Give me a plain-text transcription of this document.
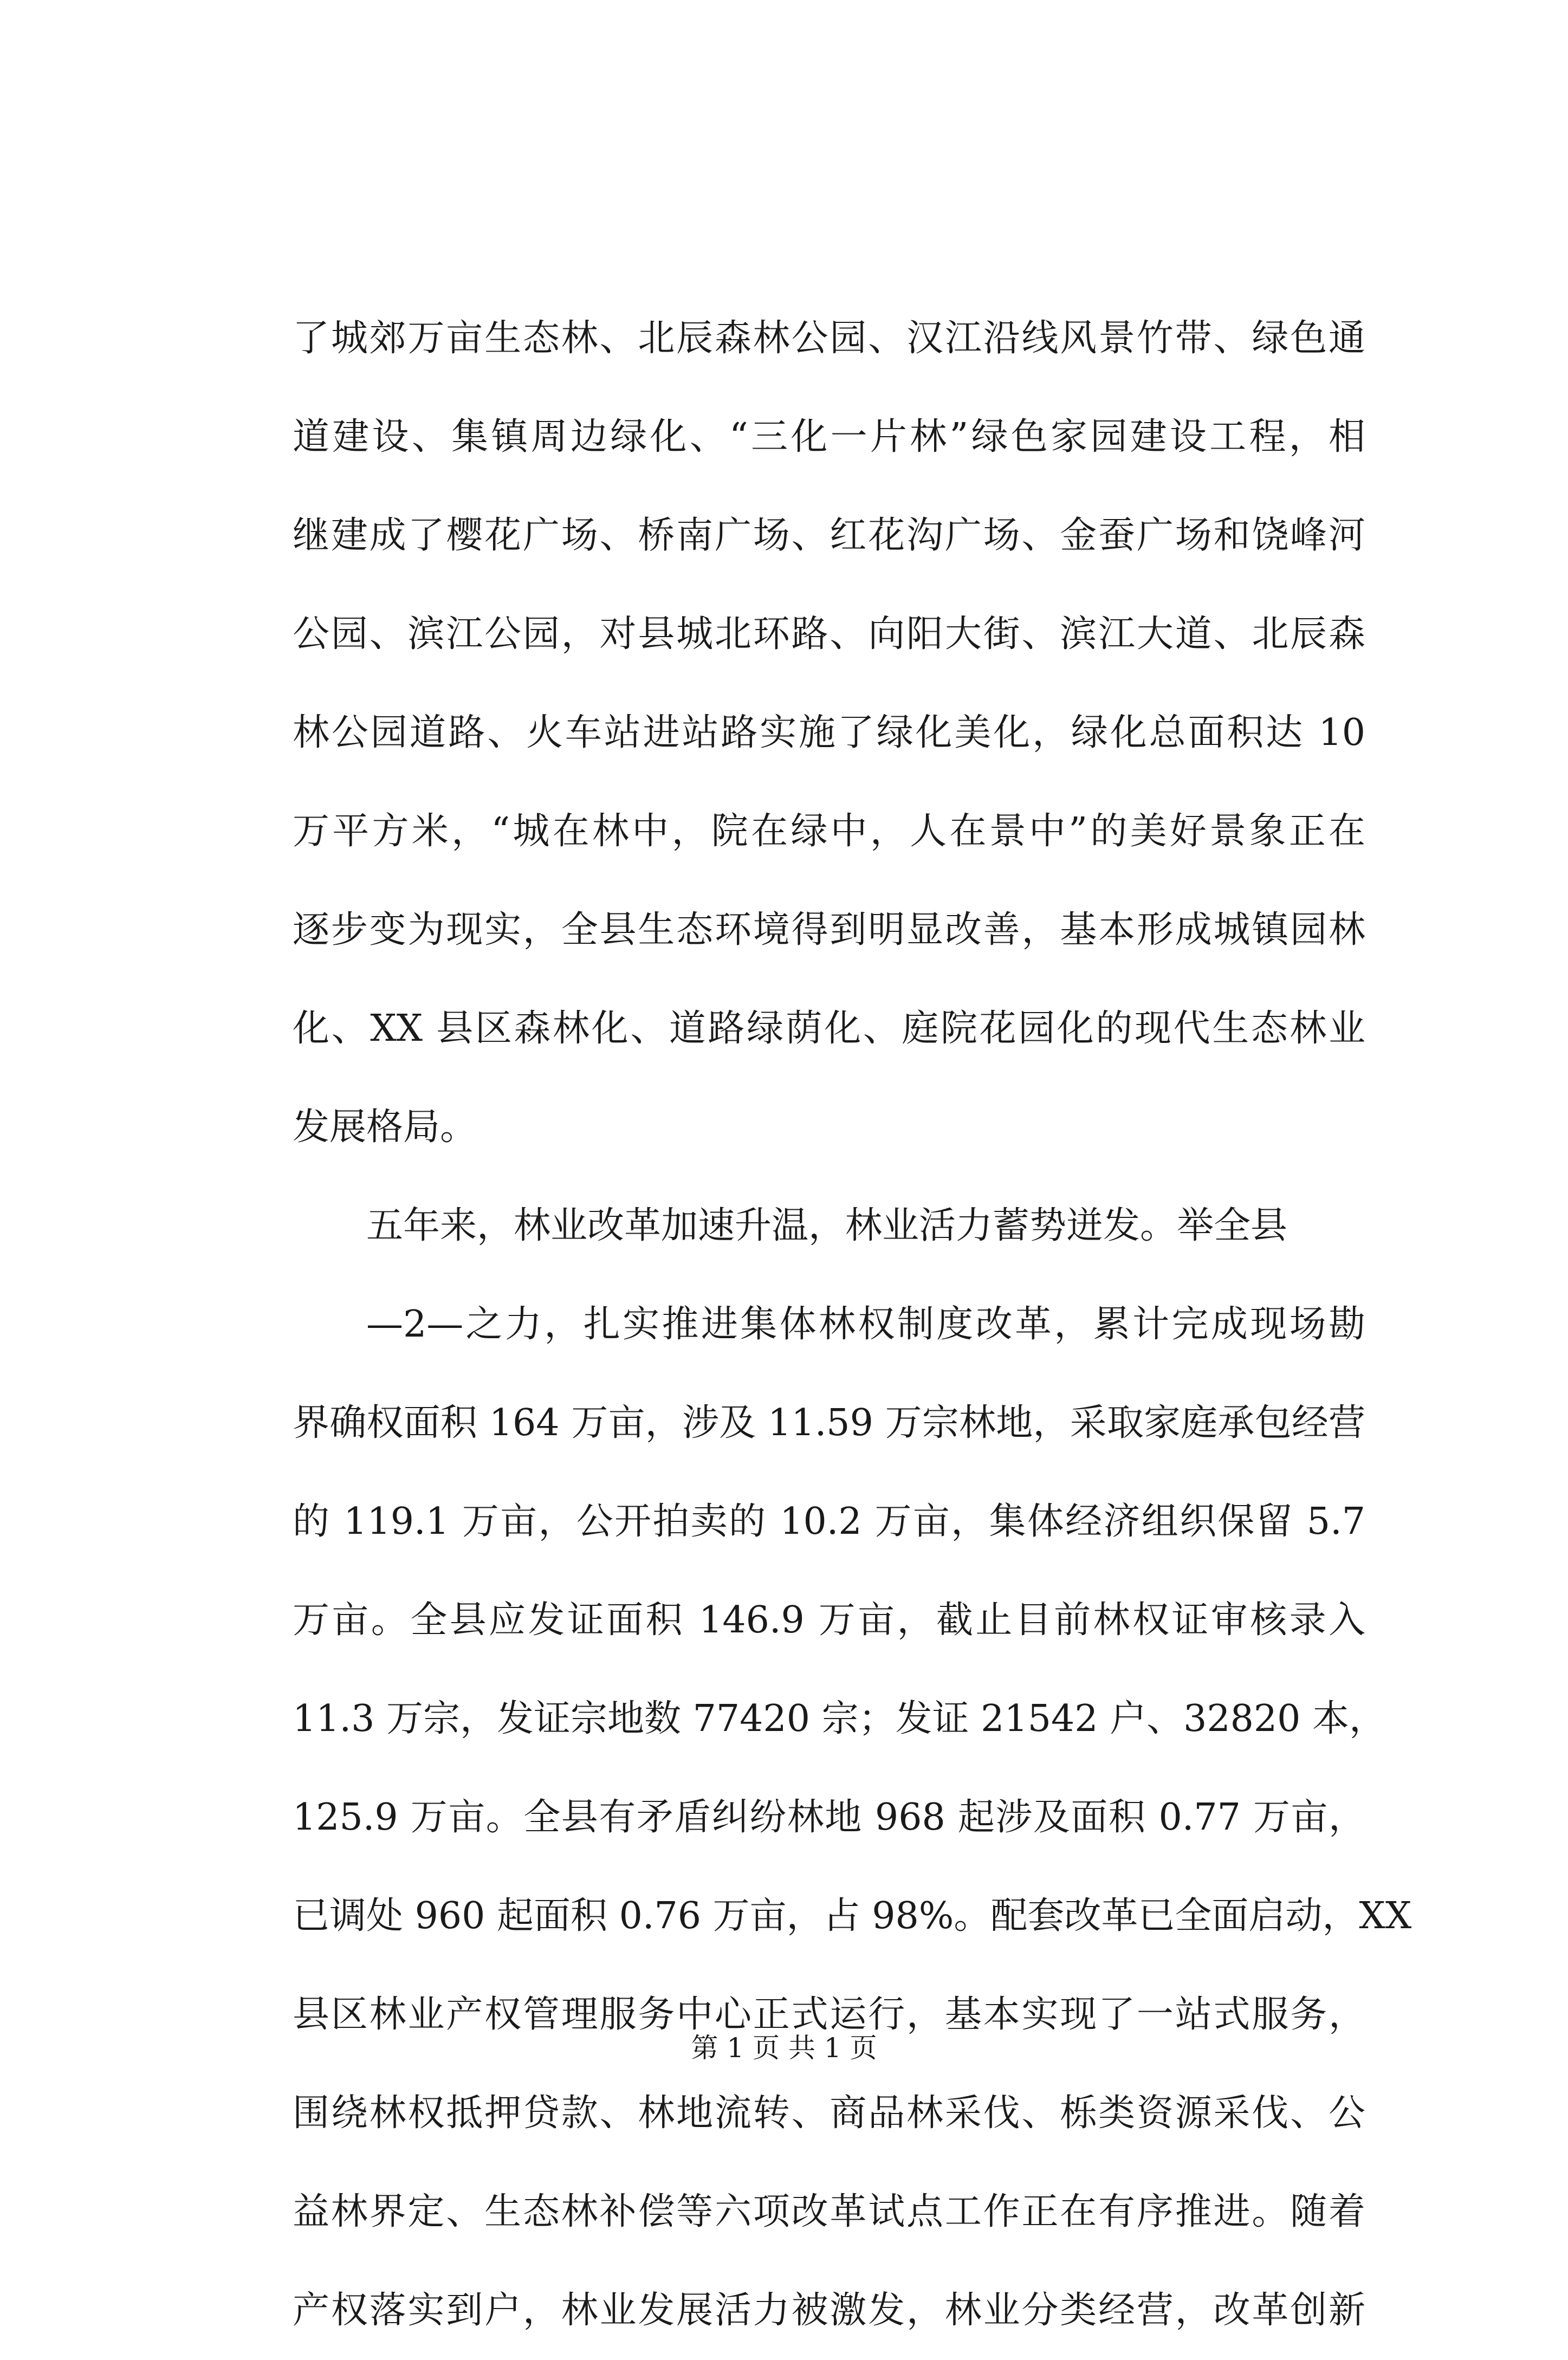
了城郊万亩生态林、北辰森林公园、汉江沿线风景竹带、绿色通
道建设、集镇周边绿化、“三化一片林”绿色家园建设工程，相
继建成了樱花广场、桥南广场、红花沟广场、金蚕广场和饶峰河
公园、滨江公园，对县城北环路、向阳大街、滨江大道、北辰森
林公园道路、火车站进站路实施了绿化美化，绿化总面积达 10
万平方米，“城在林中，院在绿中，人在景中”的美好景象正在
逐步变为现实，全县生态环境得到明显改善，基本形成城镇园林
化、XX 县区森林化、道路绿荫化、庭院花园化的现代生态林业
发展格局。
五年来，林业改革加速升温，林业活力蓄势迸发。举全县
—2—之力，扎实推进集体林权制度改革，累计完成现场勘
界确权面积 164 万亩，涉及 11.59 万宗林地，采取家庭承包经营
的 119.1 万亩，公开拍卖的 10.2 万亩，集体经济组织保留 5.7
万亩。全县应发证面积 146.9 万亩，截止目前林权证审核录入
11.3 万宗，发证宗地数 77420 宗；发证 21542 户、32820 本，
125.9 万亩。全县有矛盾纠纷林地 968 起涉及面积 0.77 万亩，
已调处 960 起面积 0.76 万亩，占 98%。配套改革已全面启动，XX
县区林业产权管理服务中心正式运行，基本实现了一站式服务，
围绕林权抵押贷款、林地流转、商品林采伐、栎类资源采伐、公
益林界定、生态林补偿等六项改革试点工作正在有序推进。随着
产权落实到户，林业发展活力被激发，林业分类经营，改革创新
第 1 页 共 1 页
